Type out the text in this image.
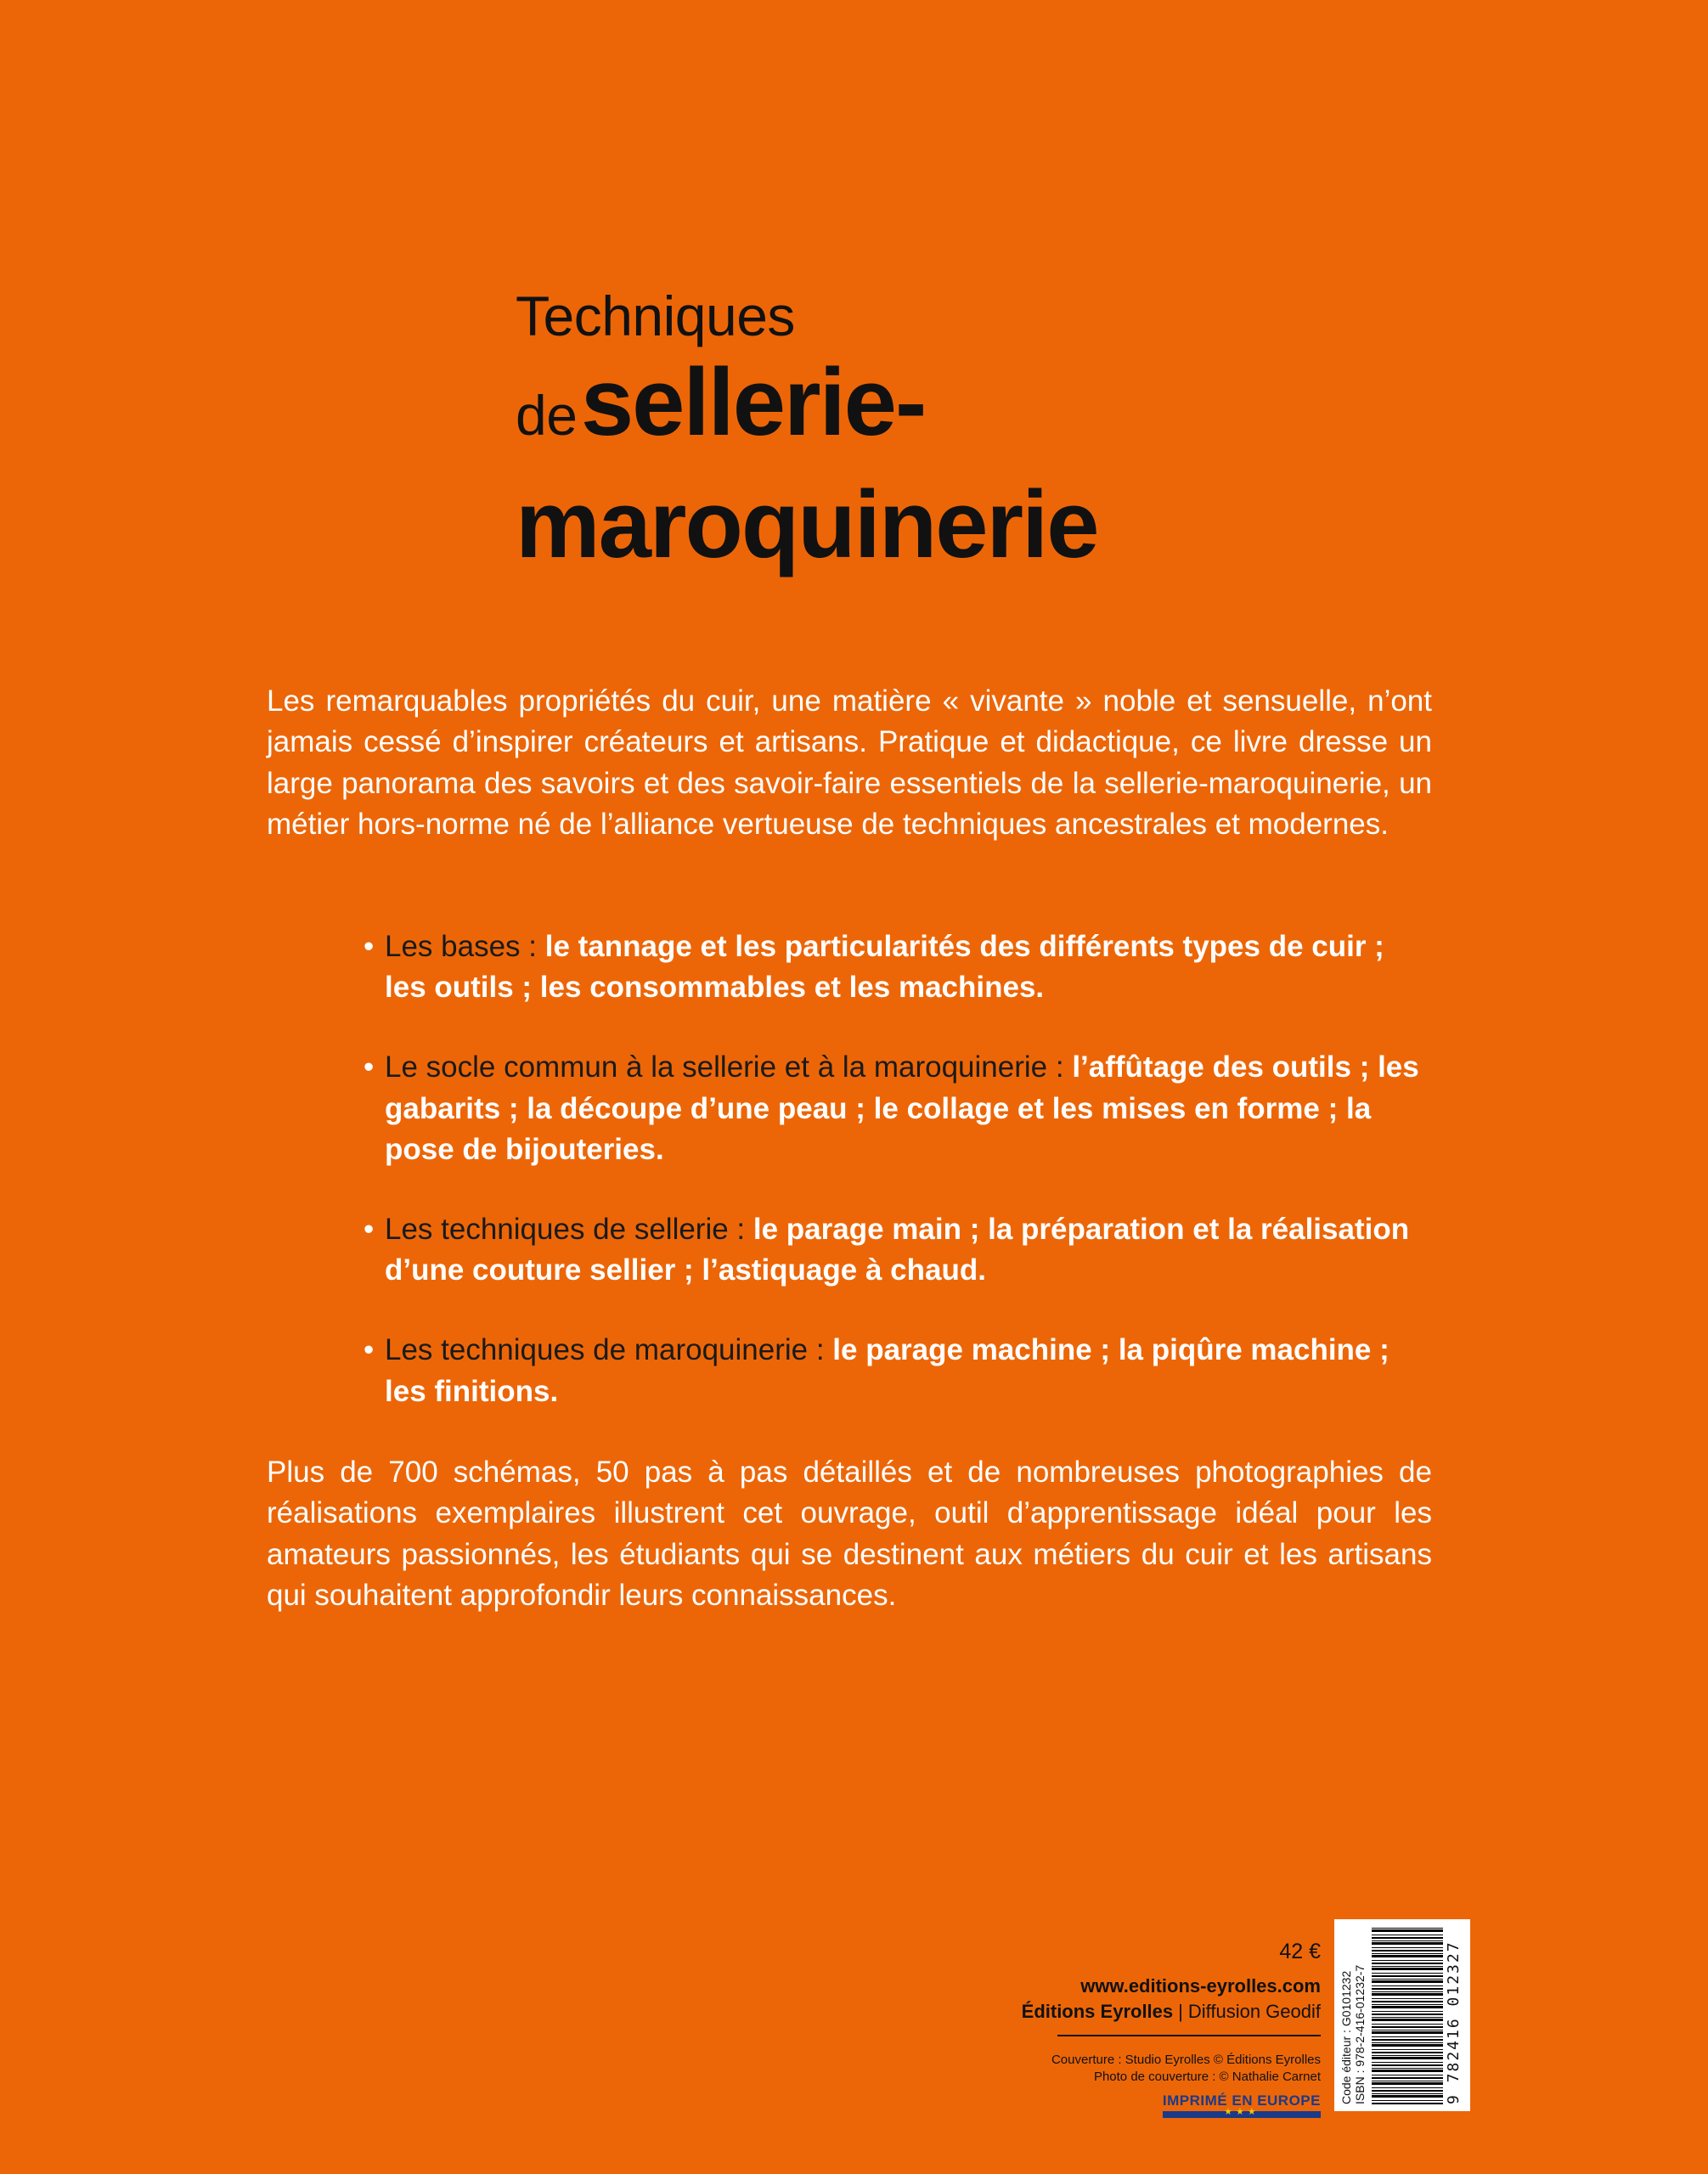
Techniques
de sellerie-
maroquinerie

Les remarquables propriétés du cuir, une matière « vivante » noble et sensuelle, n’ont jamais cessé d’inspirer créateurs et artisans. Pratique et didactique, ce livre dresse un large panorama des savoirs et des savoir-faire essentiels de la sellerie-maroquinerie, un métier hors-norme né de l’alliance vertueuse de techniques ancestrales et modernes.

• Les bases : le tannage et les particularités des différents types de cuir ; les outils ; les consommables et les machines.
• Le socle commun à la sellerie et à la maroquinerie : l’affûtage des outils ; les gabarits ; la découpe d’une peau ; le collage et les mises en forme ; la pose de bijouteries.
• Les techniques de sellerie : le parage main ; la préparation et la réalisation d’une couture sellier ; l’astiquage à chaud.
• Les techniques de maroquinerie : le parage machine ; la piqûre machine ; les finitions.

Plus de 700 schémas, 50 pas à pas détaillés et de nombreuses photographies de réalisations exemplaires illustrent cet ouvrage, outil d’apprentissage idéal pour les amateurs passionnés, les étudiants qui se destinent aux métiers du cuir et les artisans qui souhaitent approfondir leurs connaissances.

42 €
www.editions-eyrolles.com
Éditions Eyrolles | Diffusion Geodif
Couverture : Studio Eyrolles © Éditions Eyrolles
Photo de couverture : © Nathalie Carnet
IMPRIMÉ EN EUROPE
★★★
Code éditeur : G0101232 ISBN : 978-2-416-01232-7	9 782416 012327
